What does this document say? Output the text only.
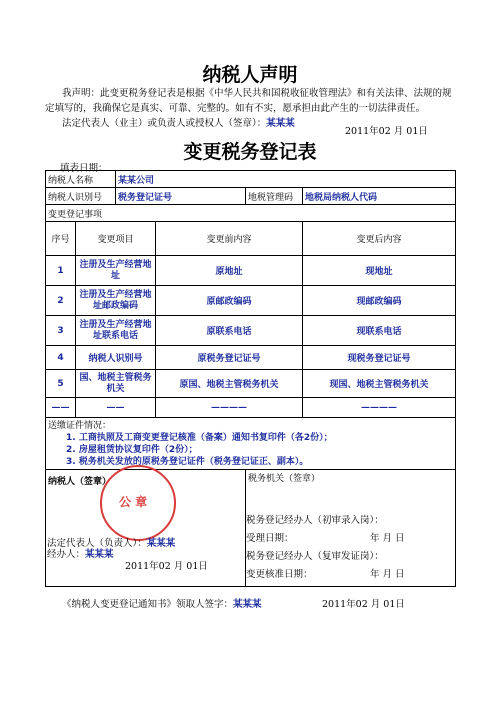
纳税人声明
我声明：此变更税务登记表是根据《中华人民共和国税收征收管理法》和有关法律、法规的规
定填写的，我确保它是真实、可靠、完整的。如有不实，愿承担由此产生的一切法律责任。
法定代表人（业主）或负责人或授权人（签章）：某某某
2011年02 月 01日
变更税务登记表
填表日期：
纳税人名称		某某公司			
纳税人识别号		税务登记证号		地税管理码	地税局纳税人代码
变更登记事项					
序号	变更项目		变更前内容		变更后内容
1	注册及生产经营地址		原地址		现地址
2	注册及生产经营地址邮政编码		原邮政编码		现邮政编码
3	注册及生产经营地址联系电话		原联系电话		现联系电话
4	纳税人识别号		原税务登记证号		现税务登记证号
5	国、地税主管税务机关		原国、地税主管税务机关		现国、地税主管税务机关
——	——		————		————

送缴证件情况：
1. 工商执照及工商变更登记核准（备案）通知书复印件（各2份）；
2. 房屋租赁协议复印件（2份）；
3. 税务机关发放的原税务登记证件（税务登记证正、副本）。					

纳税人（签章）				税务机关（签章）	
公 章
法定代表人（负责人）：某某某
经办人：某某某
2011年02 月 01日
税务登记经办人（初审录入岗）：
受理日期：	年 月 日
税务登记经办人（复审发证岗）：
变更核准日期：	年 月 日
《纳税人变更登记通知书》领取人签字：某某某	2011年02 月 01日
